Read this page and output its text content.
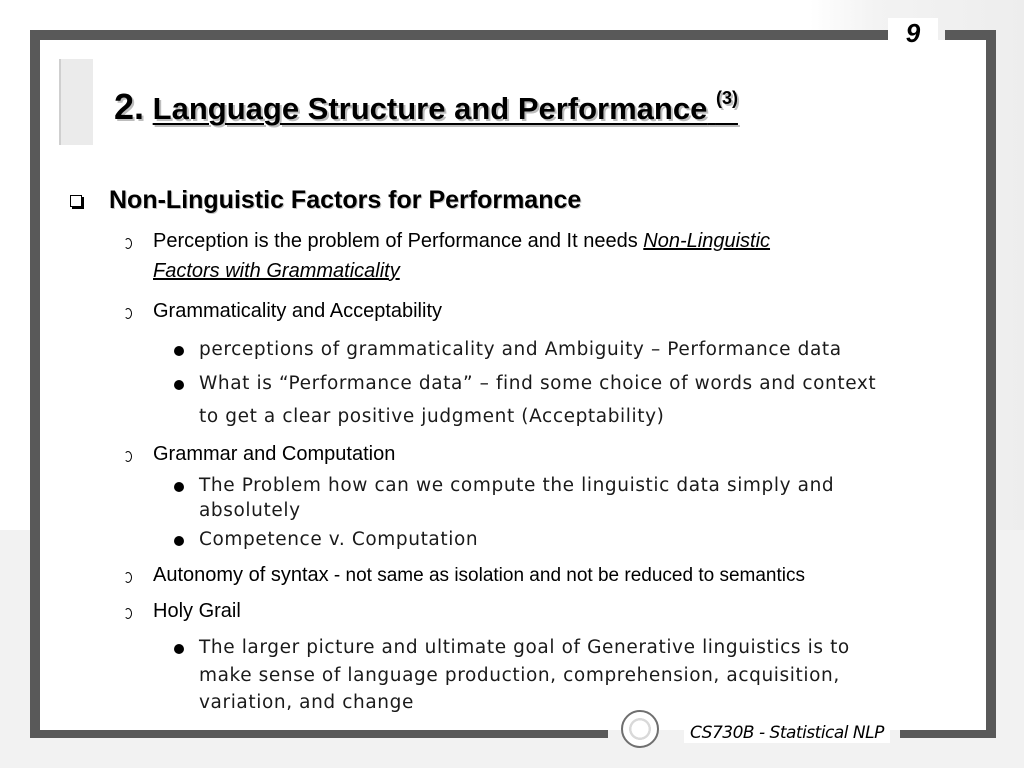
9
2. Language Structure and Performance $^{(3)}$
Non-Linguistic Factors for Performance
Perception is the problem of Performance and It needs Non-Linguistic
Factors with Grammaticality
Grammaticality and Acceptability
perceptions of grammaticality and Ambiguity – Performance data
What is “Performance data” – find some choice of words and context
to get a clear positive judgment (Acceptability)
Grammar and Computation
The Problem how can we compute the linguistic data simply and
absolutely
Competence v. Computation
Autonomy of syntax - not same as isolation and not be reduced to semantics
Holy Grail
The larger picture and ultimate goal of Generative linguistics is to
make sense of language production, comprehension, acquisition,
variation, and change
CS730B - Statistical NLP
